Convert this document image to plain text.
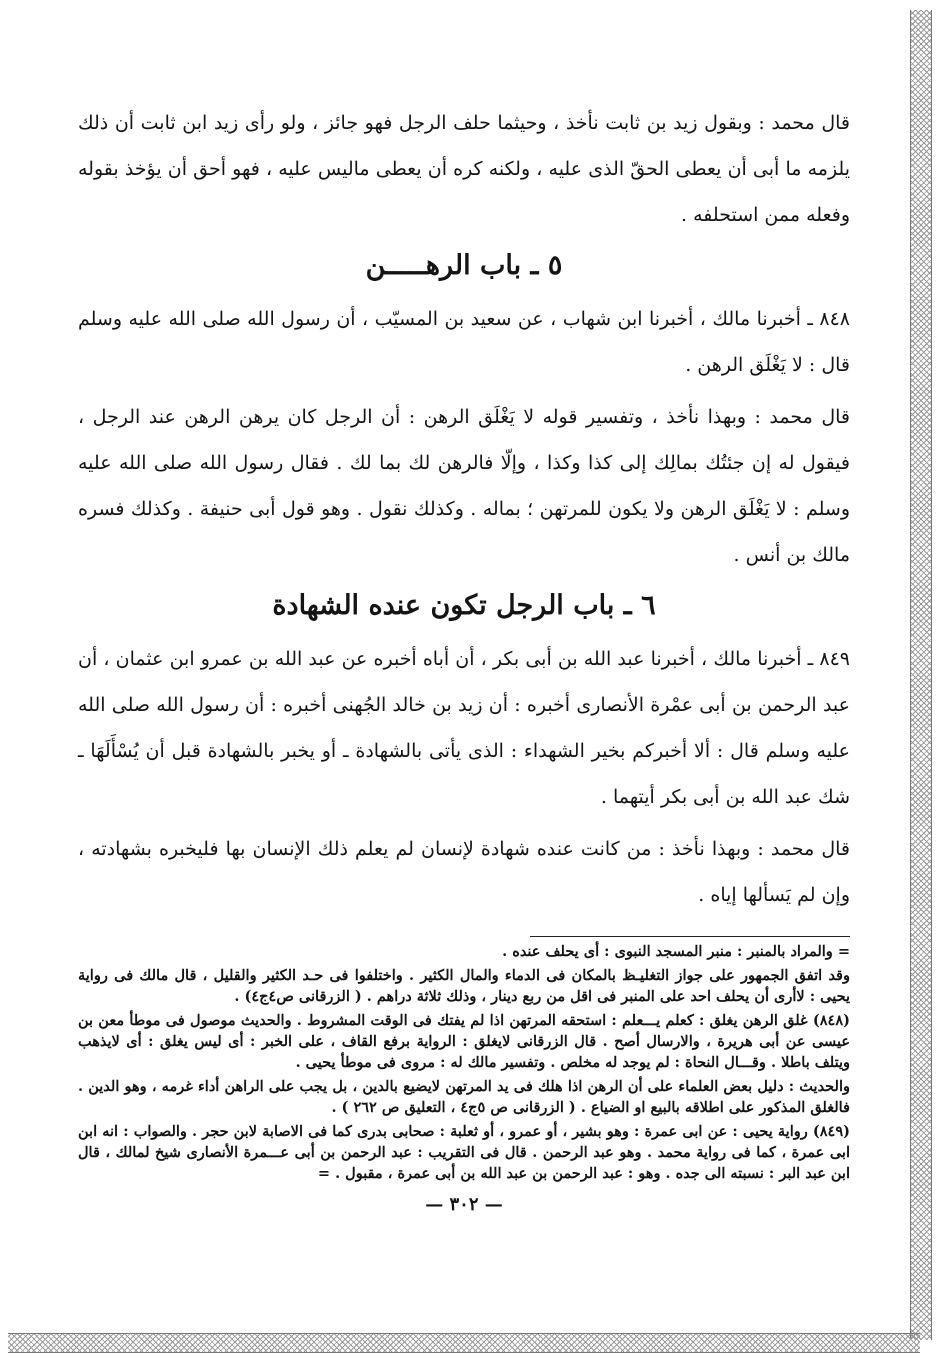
قال محمد : وبقول زيد بن ثابت نأخذ ، وحيثما حلف الرجل فهو جائز ، ولو رأى زيد ابن ثابت أن ذلك يلزمه ما أبى أن يعطى الحقّ الذى عليه ، ولكنه كره أن يعطى ماليس عليه ، فهو أحق أن يؤخذ بقوله وفعله ممن استحلفه .

٥ ـ باب الرهـــــن

٨٤٨ ـ أخبرنا مالك ، أخبرنا ابن شهاب ، عن سعيد بن المسيّب ، أن رسول الله صلى الله عليه وسلم قال : لا يَغْلَق الرهن .

قال محمد : وبهذا نأخذ ، وتفسير قوله لا يَغْلَق الرهن : أن الرجل كان يرهن الرهن عند الرجل ، فيقول له إن جئتُك بمالِك إلى كذا وكذا ، وإلّا فالرهن لك بما لك . فقال رسول الله صلى الله عليه وسلم : لا يَغْلَق الرهن ولا يكون للمرتهن ؛ بماله . وكذلك نقول . وهو قول أبى حنيفة . وكذلك فسره مالك بن أنس .

٦ ـ باب الرجل تكون عنده الشهادة

٨٤٩ ـ أخبرنا مالك ، أخبرنا عبد الله بن أبى بكر ، أن أباه أخبره عن عبد الله بن عمرو ابن عثمان ، أن عبد الرحمن بن أبى عمْرة الأنصارى أخبره : أن زيد بن خالد الجُهنى أخبره : أن رسول الله صلى الله عليه وسلم قال : ألا أخبركم بخير الشهداء : الذى يأتى بالشهادة ـ أو يخبر بالشهادة قبل أن يُسْأَلَهَا ـ شك عبد الله بن أبى بكر أيتهما .

قال محمد : وبهذا نأخذ : من كانت عنده شهادة لإنسان لم يعلم ذلك الإنسان بها فليخبره بشهادته ، وإن لم يَسألها إياه .

= والمراد بالمنبر : منبر المسجد النبوى : أى يحلف عنده .

وقد اتفق الجمهور على جواز التغليـظ بالمكان فى الدماء والمال الكثير . واختلفوا فى حـد الكثير والقليل ، قال مالك فى رواية يحيى : لاأرى أن يحلف احد على المنبر فى اقل من ربع دينار ، وذلك ثلاثة دراهم . ( الزرقانى ص٤ج٤) .

(٨٤٨) غلق الرهن يغلق : كعلم يـــعلم : استحقه المرتهن اذا لم يفتك فى الوقت المشروط . والحديث موصول فى موطأ معن بن عيسى عن أبى هريرة ، والارسال أصح . قال الزرقانى لايغلق : الرواية برفع القاف ، على الخبر : أى ليس يغلق : أى لايذهب ويتلف باطلا . وقـــال النحاة : لم يوجد له مخلص . وتفسير مالك له : مروى فى موطأ يحيى .

والحديث : دليل بعض العلماء على أن الرهن اذا هلك فى يد المرتهن لايضيع بالدين ، بل يجب على الراهن أداء غرمه ، وهو الدين . فالغلق المذكور على اطلاقه بالبيع او الضياع . ( الزرقانى ص ٥ج٤ ، التعليق ص ٢٦٢ ) .

(٨٤٩) رواية يحيى : عن ابى عمرة : وهو بشير ، أو عمرو ، أو ثعلبة : صحابى بدرى كما فى الاصابة لابن حجر . والصواب : انه ابن ابى عمرة ، كما فى رواية محمد . وهو عبد الرحمن . قال فى التقريب : عبد الرحمن بن أبى عـــمرة الأنصارى شيخ لمالك ، قال ابن عبد البر : نسبته الى جده . وهو : عبد الرحمن بن عبد الله بن أبى عمرة ، مقبول . =

— ٣٠٢ —
